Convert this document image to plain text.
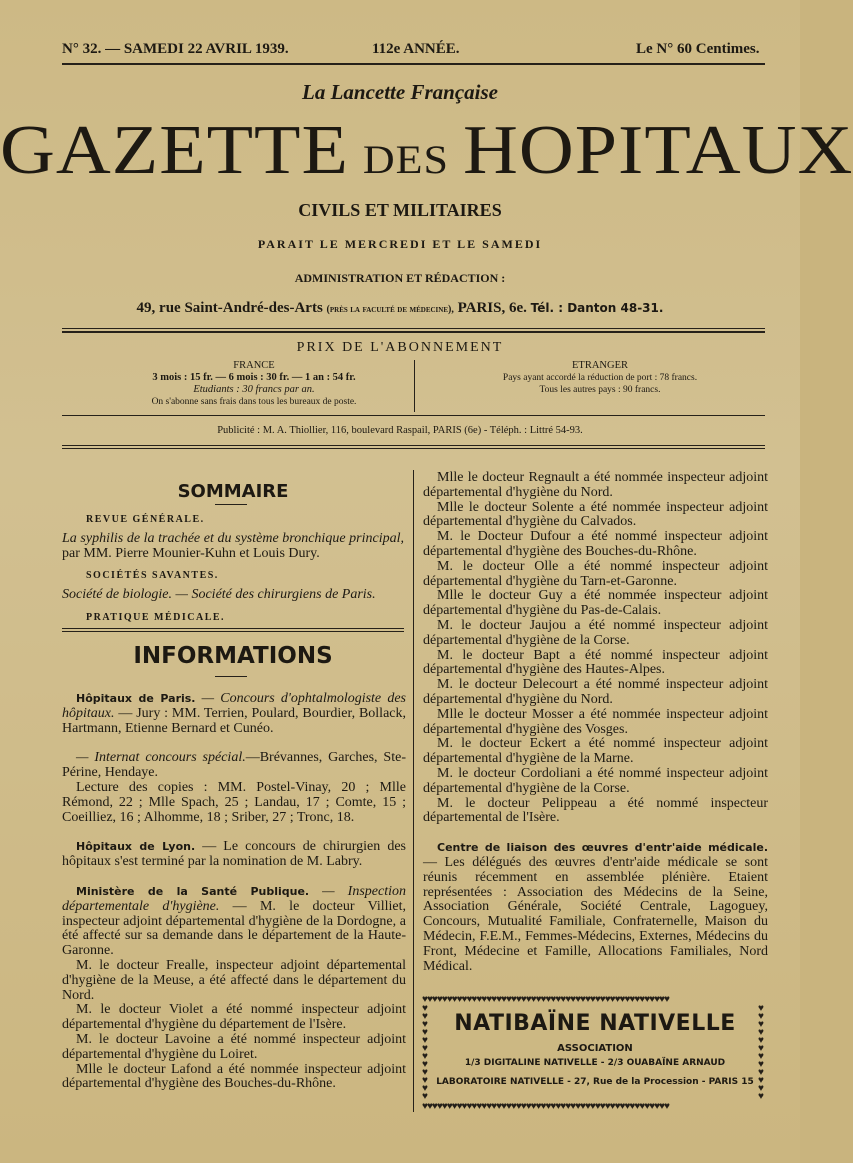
N° 32. — SAMEDI 22 AVRIL 1939.	112e ANNÉE.	Le N° 60 Centimes.
La Lancette Française
GAZETTE DES HOPITAUX
CIVILS ET MILITAIRES
PARAIT LE MERCREDI ET LE SAMEDI
ADMINISTRATION ET RÉDACTION :
49, rue Saint-André-des-Arts (près la faculté de médecine), PARIS, 6e. Tél. : Danton 48-31.
PRIX DE L'ABONNEMENT
FRANCE
3 mois : 15 fr. — 6 mois : 30 fr. — 1 an : 54 fr.
Etudiants : 30 francs par an.
On s'abonne sans frais dans tous les bureaux de poste.
ETRANGER
Pays ayant accordé la réduction de port : 78 francs.
Tous les autres pays : 90 francs.
Publicité : M. A. Thiollier, 116, boulevard Raspail, PARIS (6e) - Téléph. : Littré 54-93.
SOMMAIRE

REVUE GÉNÉRALE.

La syphilis de la trachée et du système bronchique principal, par MM. Pierre Mounier-Kuhn et Louis Dury.

SOCIÉTÉS SAVANTES.

Société de biologie. — Société des chirurgiens de Paris.

PRATIQUE MÉDICALE.

INFORMATIONS

Hôpitaux de Paris. — Concours d'ophtalmologiste des hôpitaux. — Jury : MM. Terrien, Poulard, Bourdier, Bollack, Hartmann, Etienne Bernard et Cunéo.

— Internat concours spécial.—Brévannes, Garches, Ste-Périne, Hendaye.

Lecture des copies : MM. Postel-Vinay, 20 ; Mlle Rémond, 22 ; Mlle Spach, 25 ; Landau, 17 ; Comte, 15 ; Coeilliez, 16 ; Alhomme, 18 ; Sriber, 27 ; Tronc, 18.

Hôpitaux de Lyon. — Le concours de chirurgien des hôpitaux s'est terminé par la nomination de M. Labry.

Ministère de la Santé Publique. — Inspection départementale d'hygiène. — M. le docteur Villiet, inspecteur adjoint départemental d'hygiène de la Dordogne, a été affecté sur sa demande dans le département de la Haute-Garonne.

M. le docteur Frealle, inspecteur adjoint départemental d'hygiène de la Meuse, a été affecté dans le département du Nord.

M. le docteur Violet a été nommé inspecteur adjoint départemental d'hygiène du département de l'Isère.

M. le docteur Lavoine a été nommé inspecteur adjoint départemental d'hygiène du Loiret.

Mlle le docteur Lafond a été nommée inspecteur adjoint départemental d'hygiène des Bouches-du-Rhône.

Mlle le docteur Regnault a été nommée inspecteur adjoint départemental d'hygiène du Nord.

Mlle le docteur Solente a été nommée inspecteur adjoint départemental d'hygiène du Calvados.

M. le Docteur Dufour a été nommé inspecteur adjoint départemental d'hygiène des Bouches-du-Rhône.

M. le docteur Olle a été nommé inspecteur adjoint départemental d'hygiène du Tarn-et-Garonne.

Mlle le docteur Guy a été nommée inspecteur adjoint départemental d'hygiène du Pas-de-Calais.

M. le docteur Jaujou a été nommé inspecteur adjoint départemental d'hygiène de la Corse.

M. le docteur Bapt a été nommé inspecteur adjoint départemental d'hygiène des Hautes-Alpes.

M. le docteur Delecourt a été nommé inspecteur adjoint départemental d'hygiène du Nord.

Mlle le docteur Mosser a été nommée inspecteur adjoint départemental d'hygiène des Vosges.

M. le docteur Eckert a été nommé inspecteur adjoint départemental d'hygiène de la Marne.

M. le docteur Cordoliani a été nommé inspecteur adjoint départemental d'hygiène de la Corse.

M. le docteur Pelippeau a été nommé inspecteur départemental de l'Isère.

Centre de liaison des œuvres d'entr'aide médicale. — Les délégués des œuvres d'entr'aide médicale se sont réunis récemment en assemblée plénière. Etaient représentées : Association des Médecins de la Seine, Association Générale, Société Centrale, Lagoguey, Concours, Mutualité Familiale, Confraternelle, Maison du Médecin, F.E.M., Femmes-Médecins, Externes, Médecins du Front, Médecine et Famille, Allocations Familiales, Nord Médical.

♥♥♥♥♥♥♥♥♥♥♥♥♥♥♥♥♥♥♥♥♥♥♥♥♥♥♥♥♥♥♥♥♥♥♥♥♥♥♥♥♥♥♥♥♥♥♥♥♥♥
♥♥♥♥♥♥♥♥♥♥♥♥♥♥♥♥♥♥♥♥♥♥♥♥♥♥♥♥♥♥♥♥♥♥♥♥♥♥♥♥♥♥♥♥♥♥♥♥♥♥
♥ ♥ ♥ ♥ ♥ ♥ ♥ ♥ ♥ ♥ ♥ ♥
♥ ♥ ♥ ♥ ♥ ♥ ♥ ♥ ♥ ♥ ♥ ♥
NATIBAÏNE NATIVELLE
ASSOCIATION
1/3 DIGITALINE NATIVELLE - 2/3 OUABAÏNE ARNAUD
LABORATOIRE NATIVELLE - 27, Rue de la Procession - PARIS 15
